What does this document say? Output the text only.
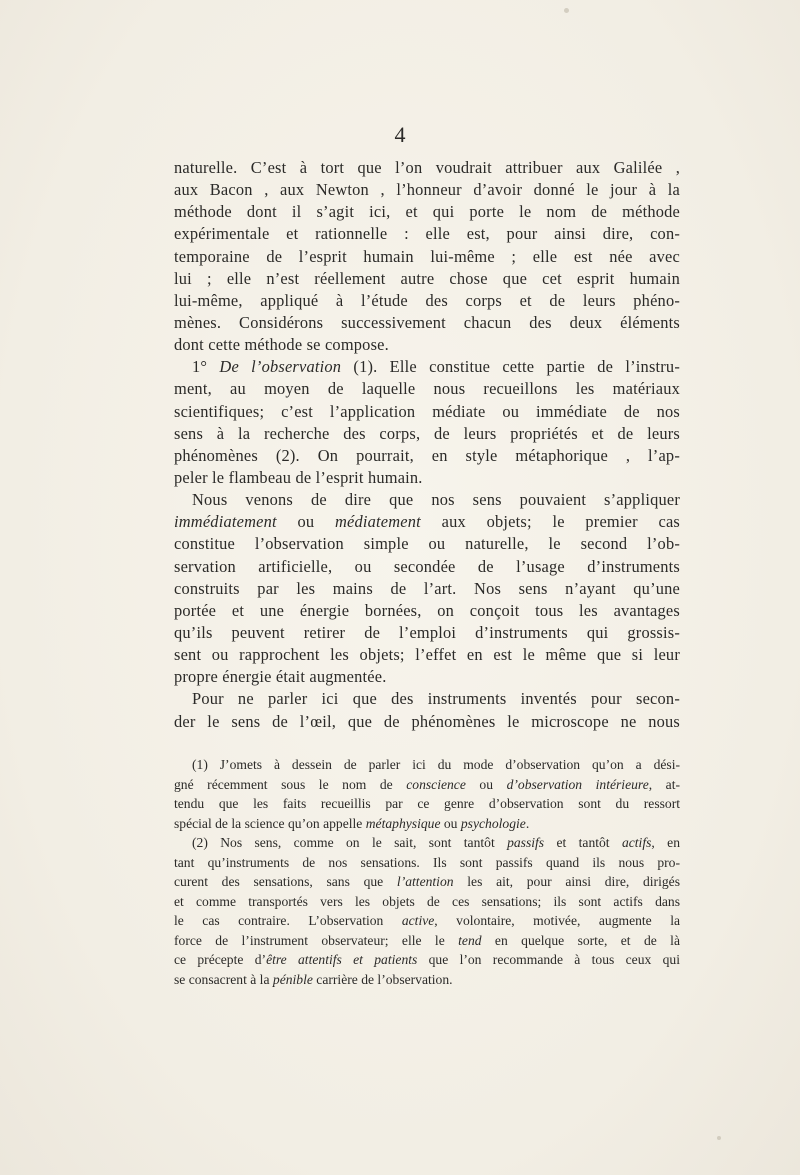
4
naturelle. C’est à tort que l’on voudrait attribuer aux Galilée ,
aux Bacon , aux Newton , l’honneur d’avoir donné le jour à la
méthode dont il s’agit ici, et qui porte le nom de méthode
expérimentale et rationnelle : elle est, pour ainsi dire, con-
temporaine de l’esprit humain lui-même ; elle est née avec
lui ; elle n’est réellement autre chose que cet esprit humain
lui-même, appliqué à l’étude des corps et de leurs phéno-
mènes. Considérons successivement chacun des deux éléments
dont cette méthode se compose.
1° De l’observation (1). Elle constitue cette partie de l’instru-
ment, au moyen de laquelle nous recueillons les matériaux
scientifiques; c’est l’application médiate ou immédiate de nos
sens à la recherche des corps, de leurs propriétés et de leurs
phénomènes (2). On pourrait, en style métaphorique , l’ap-
peler le flambeau de l’esprit humain.
Nous venons de dire que nos sens pouvaient s’appliquer
immédiatement ou médiatement aux objets; le premier cas
constitue l’observation simple ou naturelle, le second l’ob-
servation artificielle, ou secondée de l’usage d’instruments
construits par les mains de l’art. Nos sens n’ayant qu’une
portée et une énergie bornées, on conçoit tous les avantages
qu’ils peuvent retirer de l’emploi d’instruments qui grossis-
sent ou rapprochent les objets; l’effet en est le même que si leur
propre énergie était augmentée.
Pour ne parler ici que des instruments inventés pour secon-
der le sens de l’œil, que de phénomènes le microscope ne nous
(1) J’omets à dessein de parler ici du mode d’observation qu’on a dési-
gné récemment sous le nom de conscience ou d’observation intérieure, at-
tendu que les faits recueillis par ce genre d’observation sont du ressort
spécial de la science qu’on appelle métaphysique ou psychologie.
(2) Nos sens, comme on le sait, sont tantôt passifs et tantôt actifs, en
tant qu’instruments de nos sensations. Ils sont passifs quand ils nous pro-
curent des sensations, sans que l’attention les ait, pour ainsi dire, dirigés
et comme transportés vers les objets de ces sensations; ils sont actifs dans
le cas contraire. L’observation active, volontaire, motivée, augmente la
force de l’instrument observateur; elle le tend en quelque sorte, et de là
ce précepte d’être attentifs et patients que l’on recommande à tous ceux qui
se consacrent à la pénible carrière de l’observation.
